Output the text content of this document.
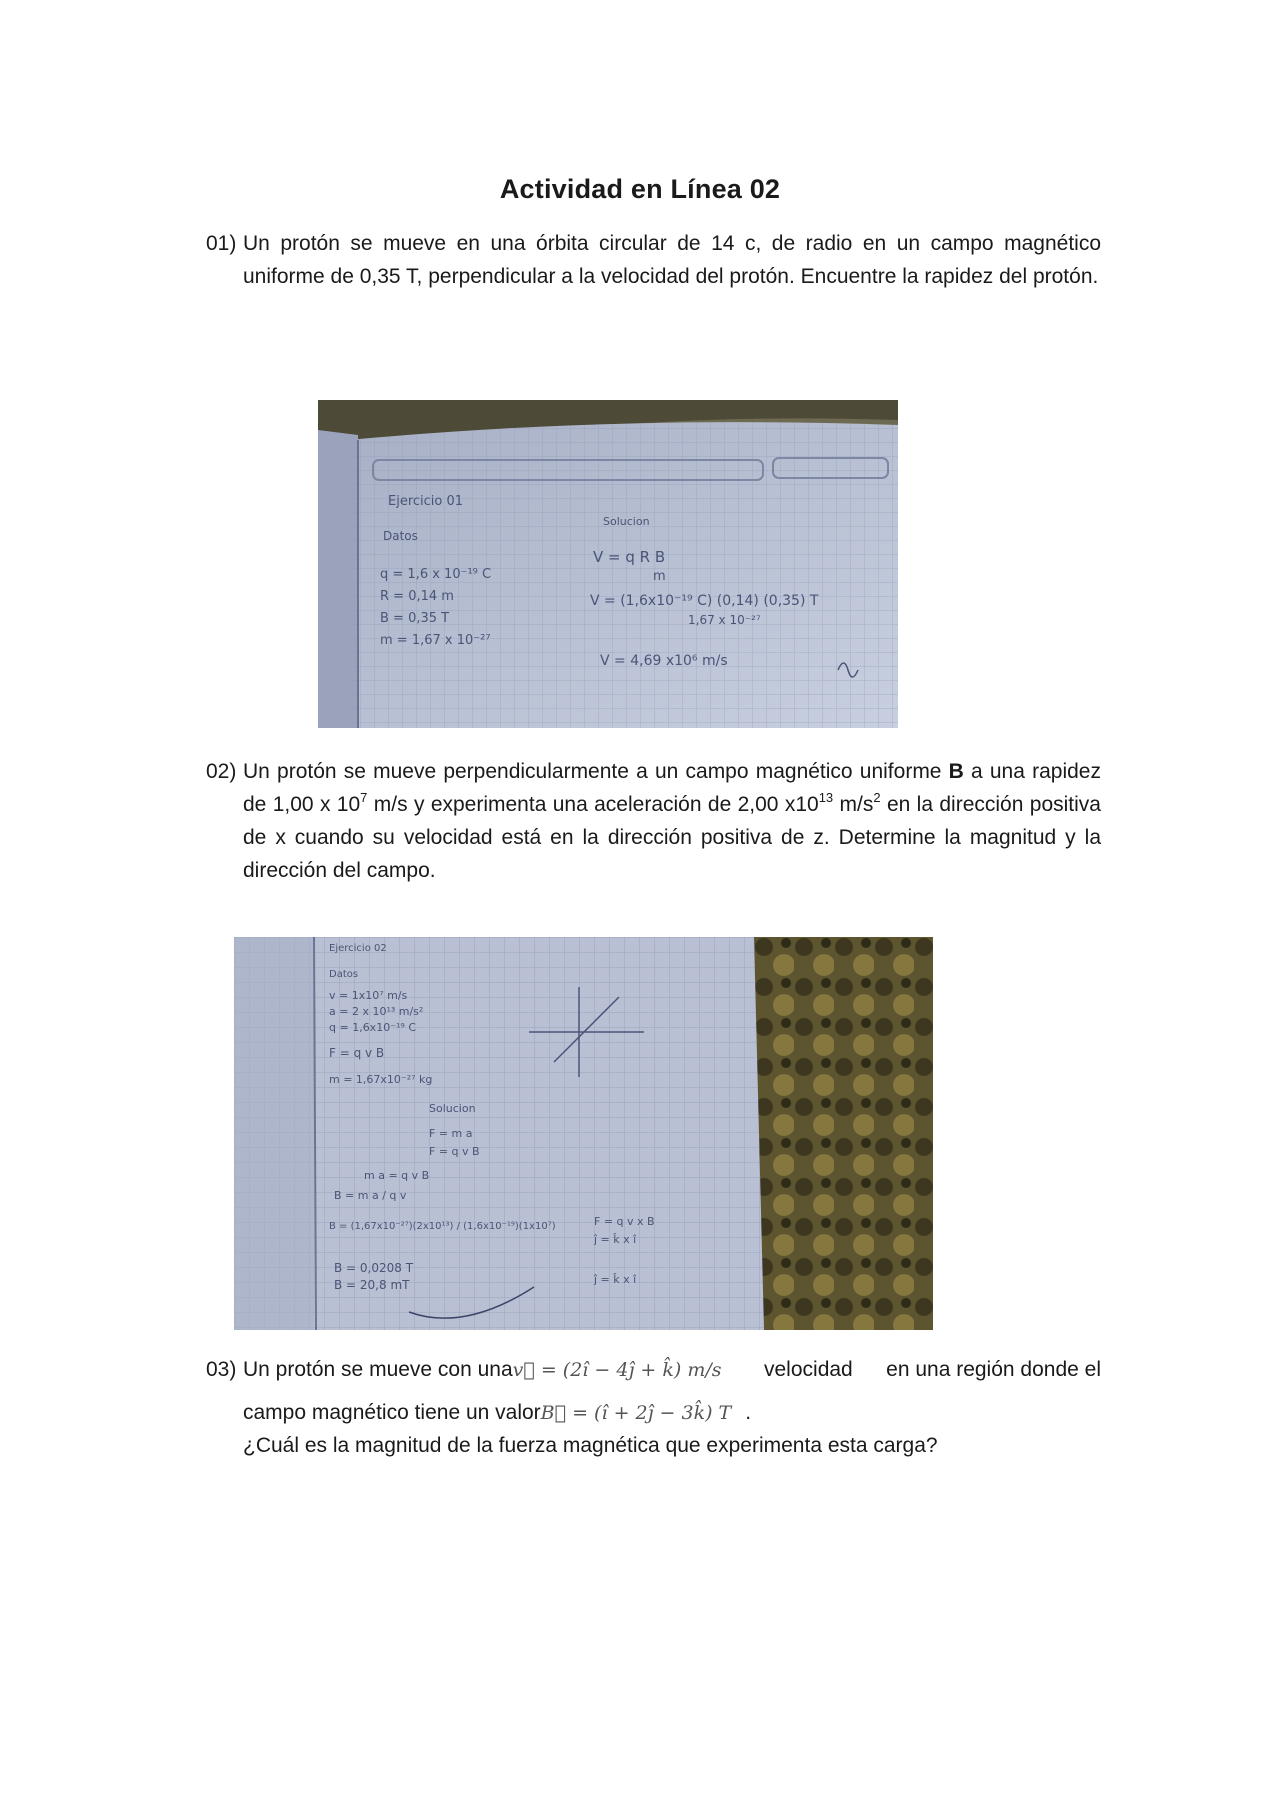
Actividad en Línea 02
01) Un protón se mueve en una órbita circular de 14 c, de radio en un campo magnético uniforme de 0,35 T, perpendicular a la velocidad del protón. Encuentre la rapidez del protón.
Ejercicio 01
Datos
q = 1,6 x 10⁻¹⁹ C
R = 0,14 m
B = 0,35 T
m = 1,67 x 10⁻²⁷
Solucion
V = q R B
m
V = (1,6x10⁻¹⁹ C) (0,14) (0,35) T
1,67 x 10⁻²⁷
V = 4,69 x10⁶ m/s
02) Un protón se mueve perpendicularmente a un campo magnético uniforme B a una rapidez de 1,00 x $10^7$ m/s y experimenta una aceleración de 2,00 $x10^{13}$ $m/s^2$ en la dirección positiva de x cuando su velocidad está en la dirección positiva de z. Determine la magnitud y la dirección del campo.
Ejercicio 02
Datos
v = 1x10⁷ m/s
a = 2 x 10¹³ m/s²
q = 1,6x10⁻¹⁹ C
F = q v B
m = 1,67x10⁻²⁷ kg
Solucion
F = m a
F = q v B
m a = q v B
B = m a / q v
B = (1,67x10⁻²⁷)(2x10¹³) / (1,6x10⁻¹⁹)(1x10⁷)
B = 0,0208 T
B = 20,8 mT
F = q v x B
ĵ = k̂ x î
ĵ = k̂ x î
03) Un protón se mueve con unav⃗ = (2î − 4ĵ + k̂) m/s velocidad en una región donde el
campo magnético tiene un valorB⃗ = (î + 2ĵ − 3k̂) T .
¿Cuál es la magnitud de la fuerza magnética que experimenta esta carga?
